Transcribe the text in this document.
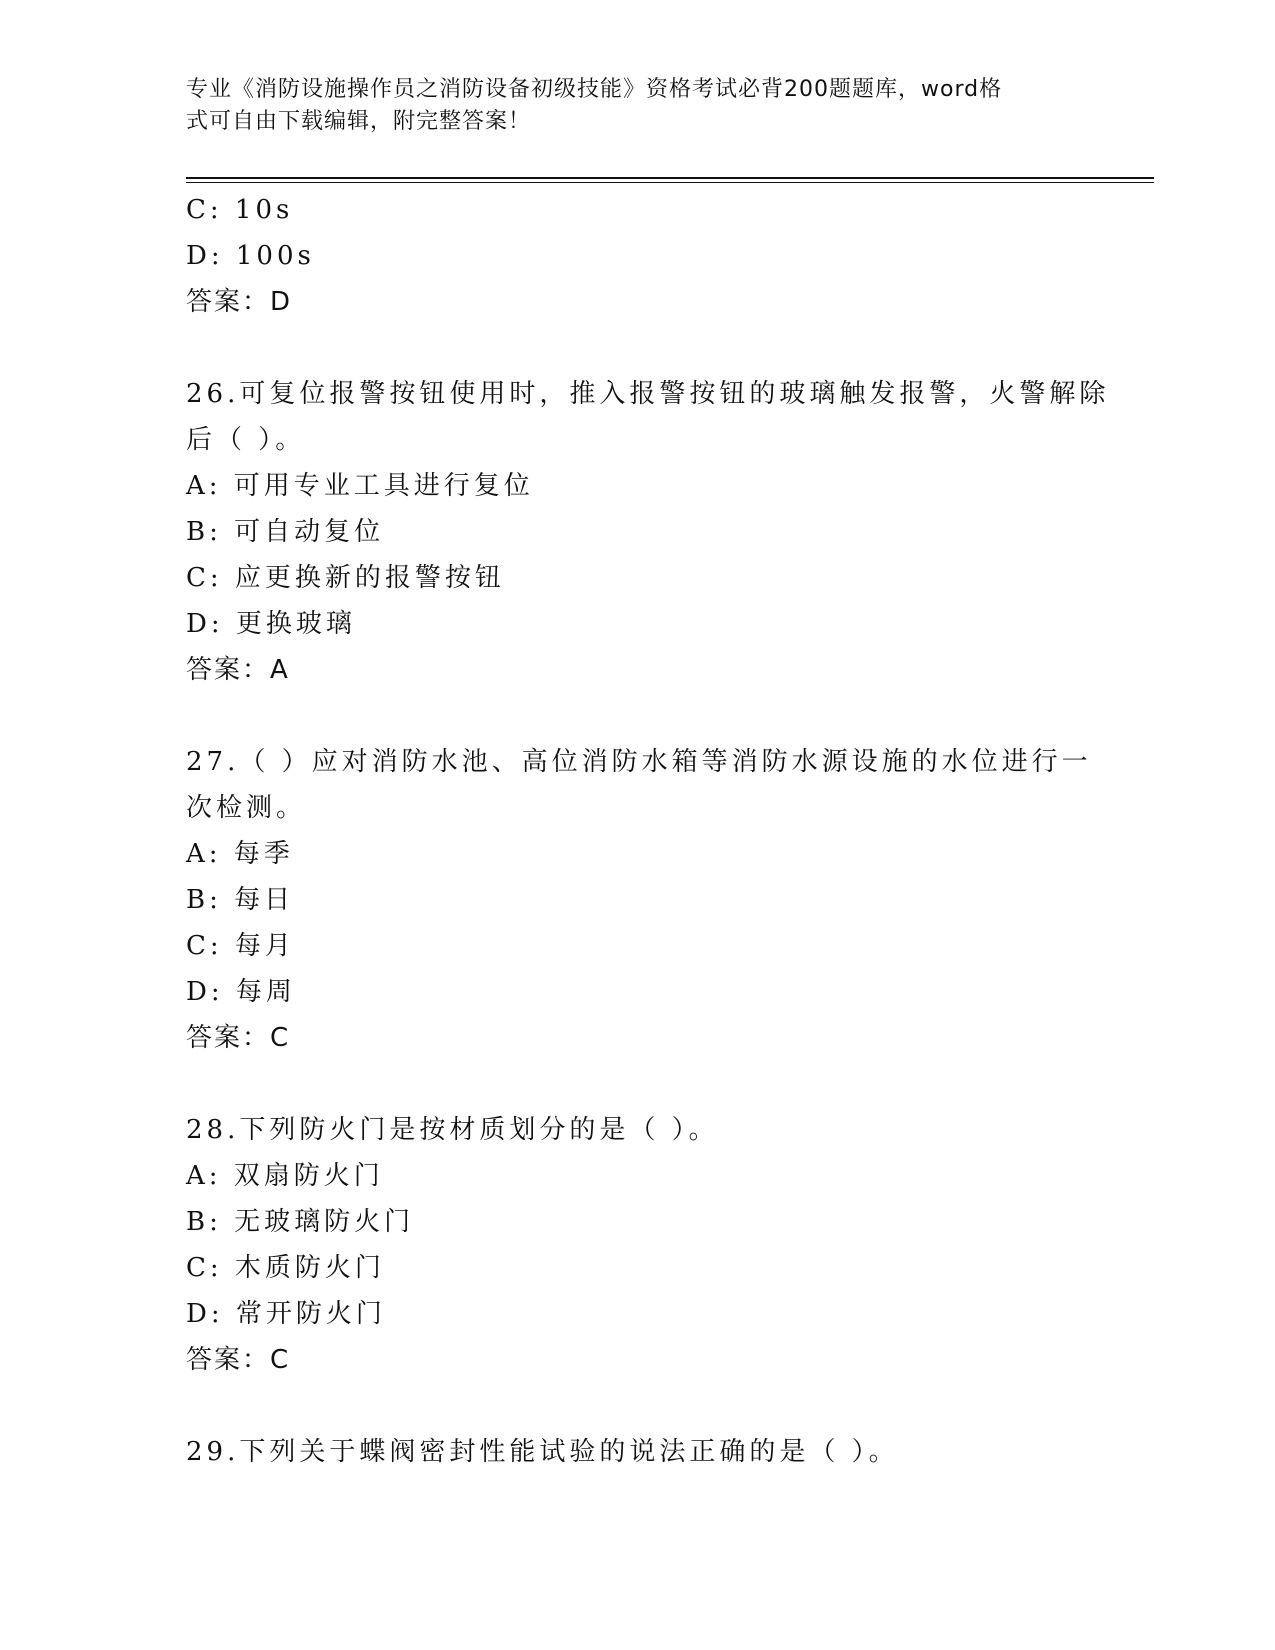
专业《消防设施操作员之消防设备初级技能》资格考试必背200题题库，word格
式可自由下载编辑，附完整答案！
C: 10s
D: 100s
答案：D
26.可复位报警按钮使用时，推入报警按钮的玻璃触发报警，火警解除
后（ ）。
A: 可用专业工具进行复位
B: 可自动复位
C: 应更换新的报警按钮
D: 更换玻璃
答案：A
27.（ ）应对消防水池、高位消防水箱等消防水源设施的水位进行一
次检测。
A: 每季
B: 每日
C: 每月
D: 每周
答案：C
28.下列防火门是按材质划分的是（ ）。
A: 双扇防火门
B: 无玻璃防火门
C: 木质防火门
D: 常开防火门
答案：C
29.下列关于蝶阀密封性能试验的说法正确的是（ ）。
